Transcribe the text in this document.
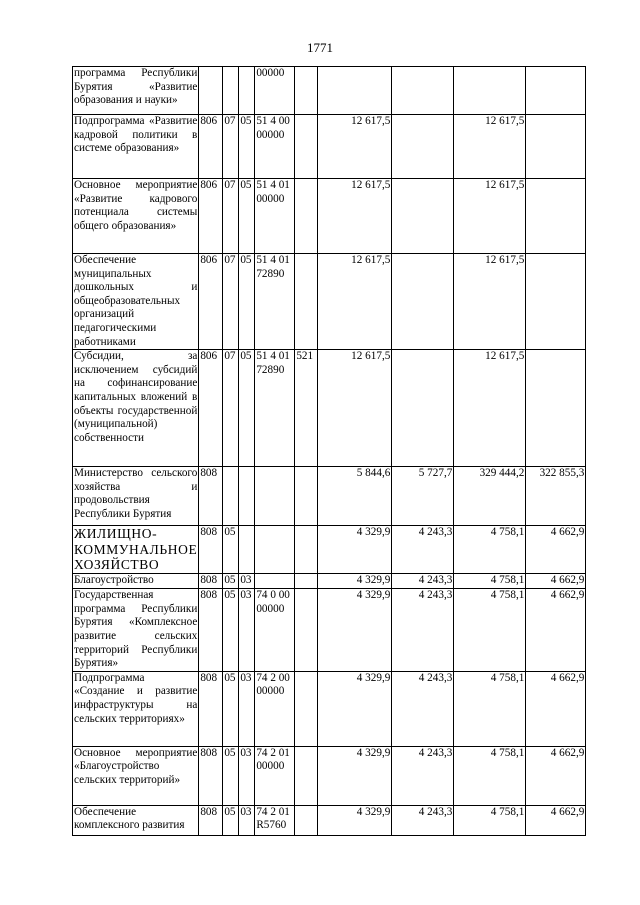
1771
программа Республики Бурятия «Развитие образования и науки»				00000					
Подпрограмма «Развитие кадровой политики в системе образования»	806	07	05	51 4 00 00000		12 617,5		12 617,5	
Основное мероприятие «Развитие кадрового потенциала системы общего образования»	806	07	05	51 4 01 00000		12 617,5		12 617,5	
Обеспечение муниципальных дошкольных и общеобразовательных организаций педагогическими работниками	806	07	05	51 4 01 72890		12 617,5		12 617,5	
Субсидии, за исключением субсидий на софинансирование капитальных вложений в объекты государственной (муниципальной) собственности	806	07	05	51 4 01 72890	521	12 617,5		12 617,5	
Министерство сельского хозяйства и продовольствия Республики Бурятия	808					5 844,6	5 727,7	329 444,2	322 855,3
ЖИЛИЩНО-КОММУНАЛЬНОЕ ХОЗЯЙСТВО	808	05				4 329,9	4 243,3	4 758,1	4 662,9
Благоустройство	808	05	03			4 329,9	4 243,3	4 758,1	4 662,9
Государственная программа Республики Бурятия «Комплексное развитие сельских территорий Республики Бурятия»	808	05	03	74 0 00 00000		4 329,9	4 243,3	4 758,1	4 662,9
Подпрограмма «Создание и развитие инфраструктуры на сельских территориях»	808	05	03	74 2 00 00000		4 329,9	4 243,3	4 758,1	4 662,9
Основное мероприятие «Благоустройство сельских территорий»	808	05	03	74 2 01 00000		4 329,9	4 243,3	4 758,1	4 662,9
Обеспечение комплексного развития	808	05	03	74 2 01 R5760		4 329,9	4 243,3	4 758,1	4 662,9
